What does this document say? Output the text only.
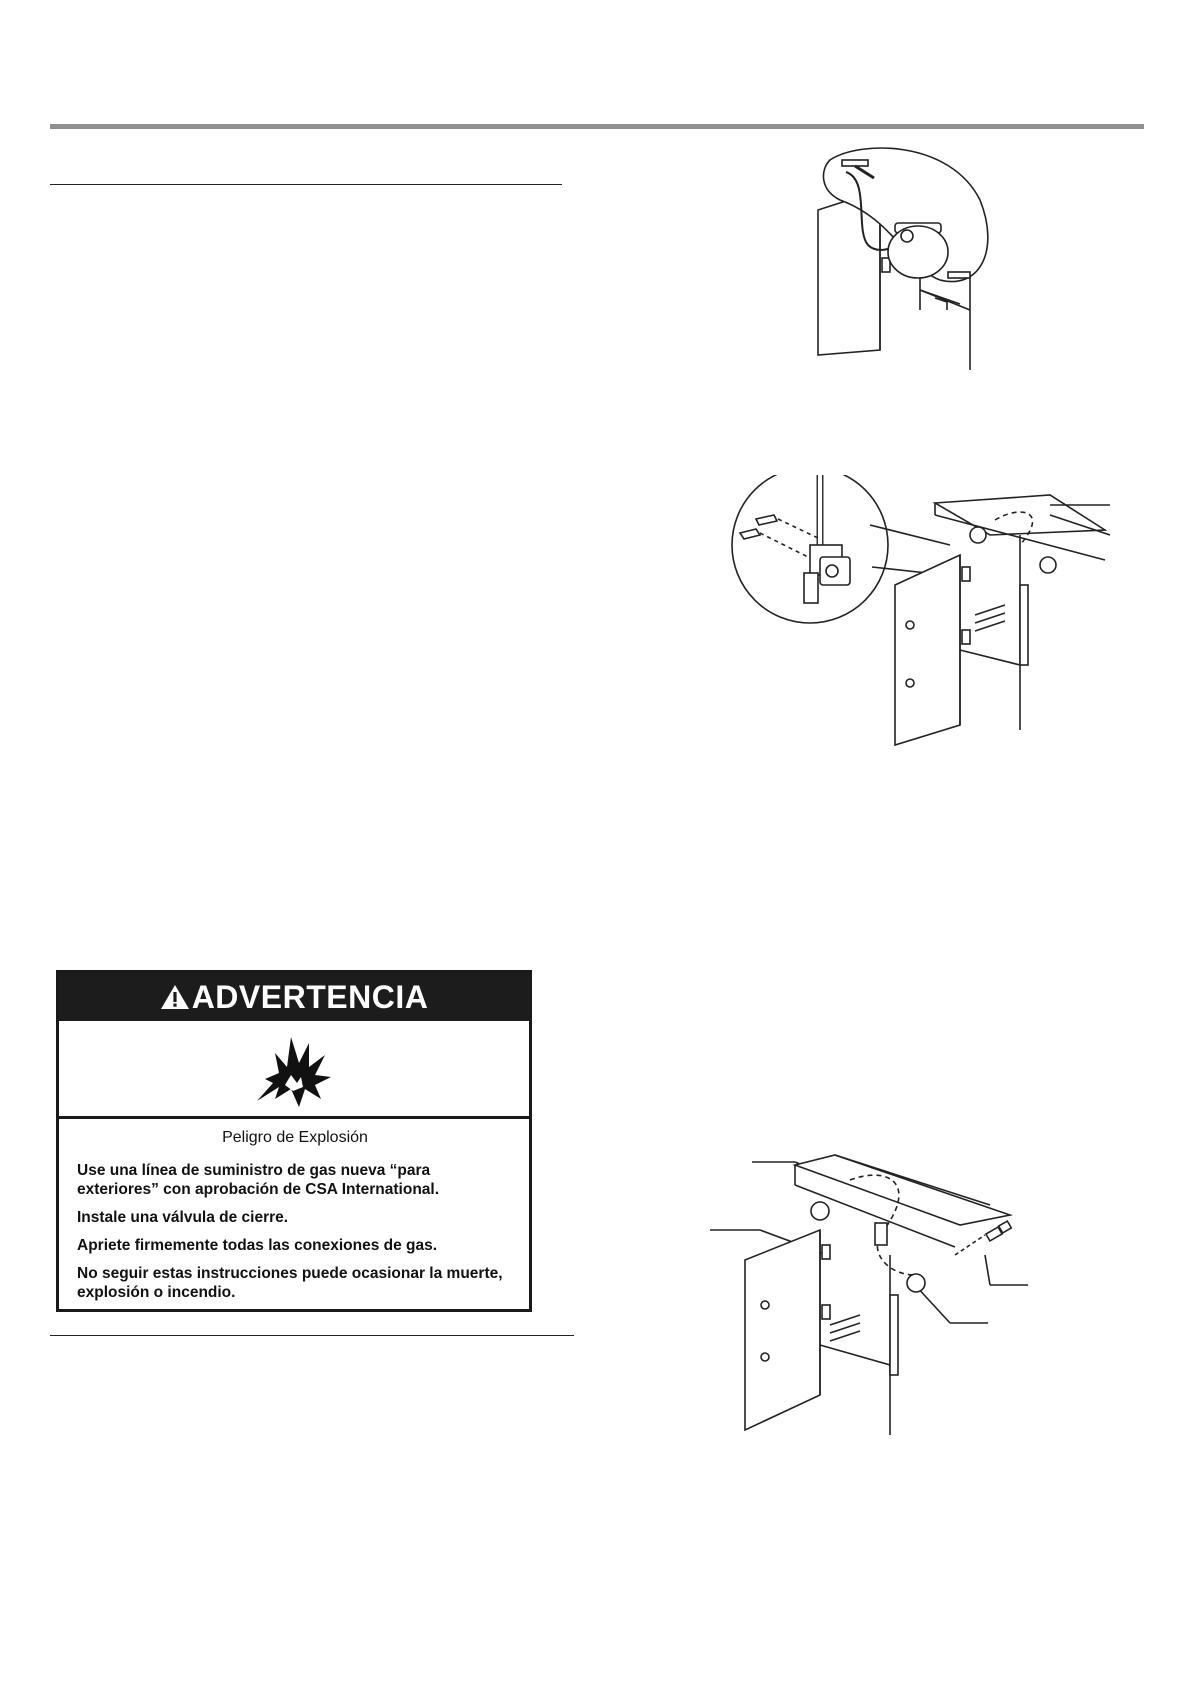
ADVERTENCIA

Peligro de Explosión

Use una línea de suministro de gas nueva “para exteriores” con aprobación de CSA International.

Instale una válvula de cierre.

Apriete firmemente todas las conexiones de gas.

No seguir estas instrucciones puede ocasionar la muerte, explosión o incendio.
